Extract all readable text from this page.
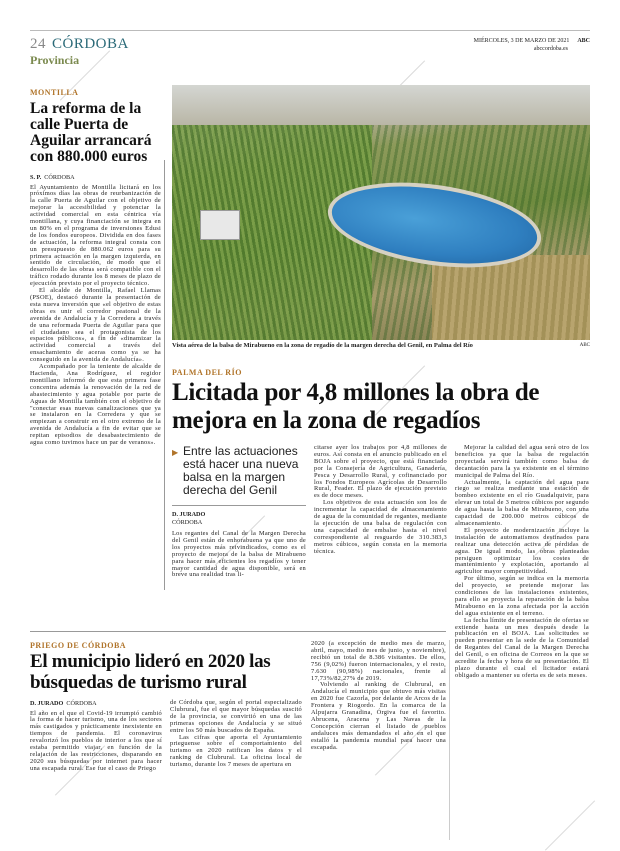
24 CÓRDOBA
Provincia
MIÉRCOLES, 3 DE MARZO DE 2021 ABC
abccordoba.es
MONTILLA
La reforma de la calle Puerta de Aguilar arrancará con 880.000 euros
S. P. CÓRDOBA

El Ayuntamiento de Montilla licitará en los próximos días las obras de reurbanización de la calle Puerta de Aguilar con el objetivo de mejorar la accesibilidad y potenciar la actividad comercial en esta céntrica vía montillana, y cuya financiación se integra en un 80% en el programa de inversiones Edusi de los fondos europeos. Dividida en dos fases de actuación, la reforma integral consta con un presupuesto de 880.062 euros para su primera actuación en la margen izquierda, en sentido de circulación, de modo que el desarrollo de las obras será compatible con el tráfico rodado durante los 8 meses de plazo de ejecución previsto por el proyecto técnico.

El alcalde de Montilla, Rafael Llamas (PSOE), destacó durante la presentación de esta nueva inversión que «el objetivo de estas obras es unir el corredor peatonal de la avenida de Andalucía y la Corredera a través de una reformada Puerta de Aguilar para que el ciudadano sea el protagonista de los espacios públicos», a fin de «dinamizar la actividad comercial a través del ensachamiento de aceras como ya se ha conseguido en la avenida de Andalucía».

Acompañado por la teniente de alcalde de Hacienda, Ana Rodríguez, el regidor montillano informó de que esta primera fase concentra además la renovación de la red de abastecimiento y agua potable por parte de Aguas de Montilla también con el objetivo de "conectar esas nuevas canalizaciones que ya se instalaron en la Corredera y que se empiezan a construir en el otro extremo de la avenida de Andalucía a fin de evitar que se repitan episodios de desabastecimiento de agua como tuvimos hace un par de veranos».

Vista aérea de la balsa de Mirabueno en la zona de regadío de la margen derecha del Genil, en Palma del Río	ABC
PALMA DEL RÍO
Licitada por 4,8 millones la obra de mejora en la zona de regadíos
▶ Entre las actuaciones está hacer una nueva balsa en la margen derecha del Genil
D. JURADO
CÓRDOBA

Los regantes del Canal de la Margen Derecha del Genil están de enhorabuena ya que uno de los proyectos más reivindicados, como es el proyecto de mejora de la balsa de Mirabueno para hacer más eficientes los regadíos y tener mayor cantidad de agua disponible, será en breve una realidad tras li-

citarse ayer los trabajos por 4,8 millones de euros. Así consta en el anuncio publicado en el BOJA sobre el proyecto, que está financiado por la Consejería de Agricultura, Ganadería, Pesca y Desarrollo Rural, y cofinanciado por los Fondos Europeos Agrícolas de Desarrollo Rural, Feader. El plazo de ejecución previsto es de doce meses.

Los objetivos de esta actuación son los de incrementar la capacidad de almacenamiento de agua de la comunidad de regantes, mediante la ejecución de una balsa de regulación con una capacidad de embalse hasta el nivel correspondiente al resguardo de 310.383,3 metros cúbicos, según consta en la memoria técnica.

Mejorar la calidad del agua será otro de los beneficios ya que la balsa de regulación proyectada servirá también como balsa de decantación para la ya existente en el término municipal de Palma del Río.

Actualmente, la captación del agua para riego se realiza mediante una estación de bombeo existente en el río Guadalquivir, para elevar un total de 3 metros cúbicos por segundo de agua hasta la balsa de Mirabueno, con una capacidad de 200.000 metros cúbicos de almacenamiento.

El proyecto de modernización incluye la instalación de automatismos destinados para realizar una detección activa de pérdidas de agua. De igual modo, las obras planteadas persiguen optimizar los costes de mantenimiento y explotación, aportando al agricultor mayor competitividad.

Por último, según se indica en la memoria del proyecto, se pretende mejorar las condiciones de las instalaciones existentes, para ello se proyecta la reparación de la balsa Mirabueno en la zona afectada por la acción del agua existente en el terreno.

La fecha límite de presentación de ofertas se extiende hasta un mes después desde la publicación en el BOJA. Las solicitudes se pueden presentar en la sede de la Comunidad de Regantes del Canal de la Margen Derecha del Genil, o en oficina de Correos en la que se acredite la fecha y hora de su presentación. El plazo durante el cual el licitador estará obligado a mantener su oferta es de seis meses.

PRIEGO DE CÓRDOBA
El municipio lideró en 2020 las búsquedas de turismo rural
D. JURADO CÓRDOBA

El año en el que el Covid-19 irrumpió cambió la forma de hacer turismo, una de los sectores más castigados y prácticamente inexistente en tiempos de pandemia. El coronavirus revalorizó los pueblos de interior a los que sí estaba permitido viajar, en función de la relajación de las restricciones, disparando en 2020 sus búsquedas por internet para hacer una escapada rural. Ese fue el caso de Priego

de Córdoba que, según el portal especializado Clubrural, fue el que mayor búsquedas suscitó de la provincia, se convirtió en una de las primeras opciones de Andalucía y se situó entre los 50 más buscados de España.

Las cifras que aporta el Ayuntamiento prieguense sobre el comportamiento del turismo en 2020 ratifican los datos y el ranking de Clubrural. La oficina local de turismo, durante los 7 meses de apertura en

2020 (a excepción de medio mes de marzo, abril, mayo, medio mes de junio, y noviembre), recibió un total de 8.386 visitantes. De ellos, 756 (9,02%) fueron internacionales, y el resto, 7.630 (90,98%) nacionales, frente al 17,73%/82,27% de 2019.

Volviendo al ranking de Clubrural, en Andalucía el municipio que obtuvo más visitas en 2020 fue Cazorla, por delante de Arcos de la Frontera y Riogordo. En la comarca de la Alpujarra Granadina, Órgiva fue el favorito. Abrucena, Aracena y Las Navas de la Concepción cierran el listado de pueblos andaluces más demandados el año en el que estalló la pandemia mundial para hacer una escapada.
